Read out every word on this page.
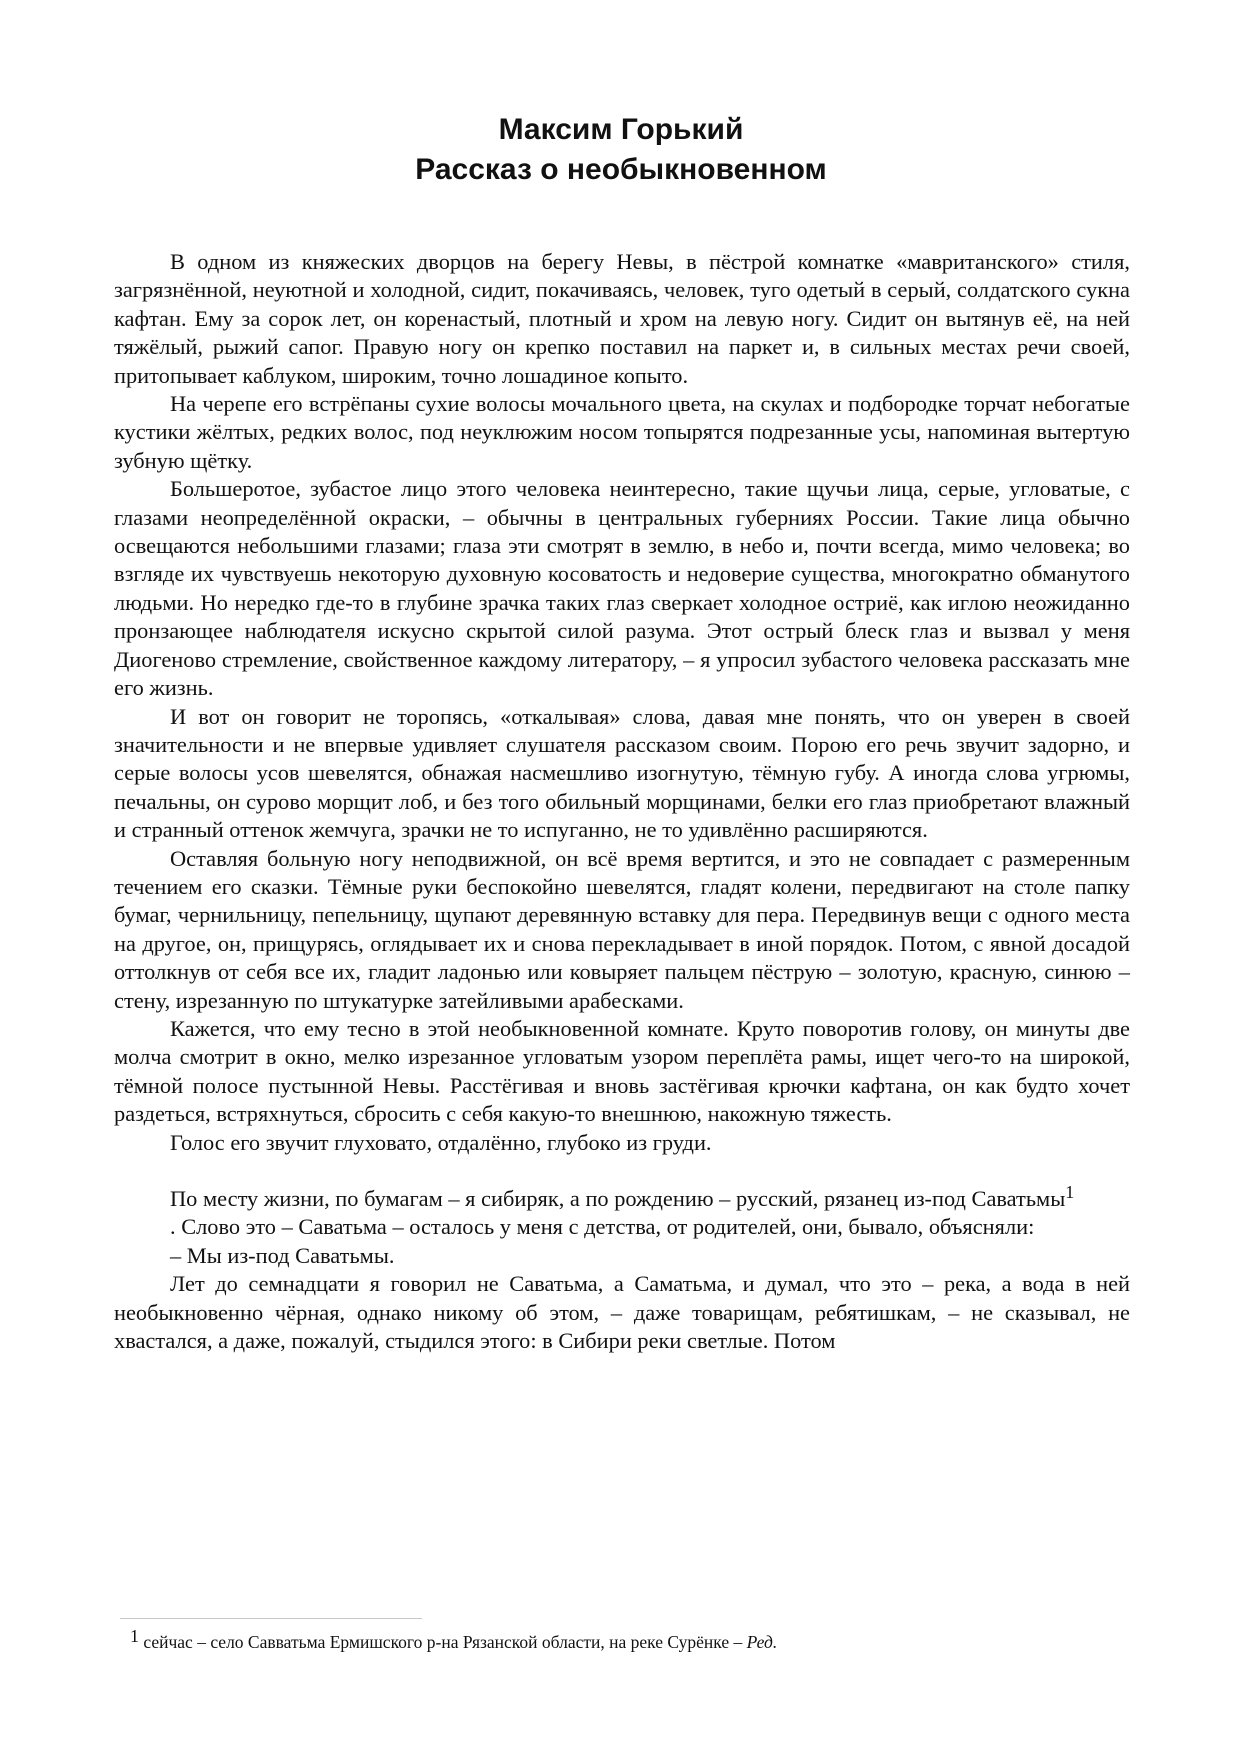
Максим Горький
Рассказ о необыкновенном

В одном из княжеских дворцов на берегу Невы, в пёстрой комнатке «мавританского» стиля, загрязнённой, неуютной и холодной, сидит, покачиваясь, человек, туго одетый в серый, солдатского сукна кафтан. Ему за сорок лет, он коренастый, плотный и хром на левую ногу. Сидит он вытянув её, на ней тяжёлый, рыжий сапог. Правую ногу он крепко поставил на паркет и, в сильных местах речи своей, притопывает каблуком, широким, точно лошадиное копыто.

На черепе его встрёпаны сухие волосы мочального цвета, на скулах и подбородке торчат небогатые кустики жёлтых, редких волос, под неуклюжим носом топырятся подрезанные усы, напоминая вытертую зубную щётку.

Большеротое, зубастое лицо этого человека неинтересно, такие щучьи лица, серые, угловатые, с глазами неопределённой окраски, – обычны в центральных губерниях России. Такие лица обычно освещаются небольшими глазами; глаза эти смотрят в землю, в небо и, почти всегда, мимо человека; во взгляде их чувствуешь некоторую духовную косоватость и недоверие существа, многократно обманутого людьми. Но нередко где-то в глубине зрачка таких глаз сверкает холодное остриё, как иглою неожиданно пронзающее наблюдателя искусно скрытой силой разума. Этот острый блеск глаз и вызвал у меня Диогеново стремление, свойственное каждому литератору, – я упросил зубастого человека рассказать мне его жизнь.

И вот он говорит не торопясь, «откалывая» слова, давая мне понять, что он уверен в своей значительности и не впервые удивляет слушателя рассказом своим. Порою его речь звучит задорно, и серые волосы усов шевелятся, обнажая насмешливо изогнутую, тёмную губу. А иногда слова угрюмы, печальны, он сурово морщит лоб, и без того обильный морщинами, белки его глаз приобретают влажный и странный оттенок жемчуга, зрачки не то испуганно, не то удивлённо расширяются.

Оставляя больную ногу неподвижной, он всё время вертится, и это не совпадает с размеренным течением его сказки. Тёмные руки беспокойно шевелятся, гладят колени, передвигают на столе папку бумаг, чернильницу, пепельницу, щупают деревянную вставку для пера. Передвинув вещи с одного места на другое, он, прищурясь, оглядывает их и снова перекладывает в иной порядок. Потом, с явной досадой оттолкнув от себя все их, гладит ладонью или ковыряет пальцем пёструю – золотую, красную, синюю – стену, изрезанную по штукатурке затейливыми арабесками.

Кажется, что ему тесно в этой необыкновенной комнате. Круто поворотив голову, он минуты две молча смотрит в окно, мелко изрезанное угловатым узором переплёта рамы, ищет чего-то на широкой, тёмной полосе пустынной Невы. Расстёгивая и вновь застёгивая крючки кафтана, он как будто хочет раздеться, встряхнуться, сбросить с себя какую-то внешнюю, накожную тяжесть.

Голос его звучит глуховато, отдалённо, глубоко из груди.

По месту жизни, по бумагам – я сибиряк, а по рождению – русский, рязанец из-под Саватьмы$^1$

. Слово это – Саватьма – осталось у меня с детства, от родителей, они, бывало, объясняли:

– Мы из-под Саватьмы.

Лет до семнадцати я говорил не Саватьма, а Саматьма, и думал, что это – река, а вода в ней необыкновенно чёрная, однако никому об этом, – даже товарищам, ребятишкам, – не сказывал, не хвастался, а даже, пожалуй, стыдился этого: в Сибири реки светлые. Потом

$^1$ сейчас – село Савватьма Ермишского р-на Рязанской области, на реке Сурёнке – Ред.
